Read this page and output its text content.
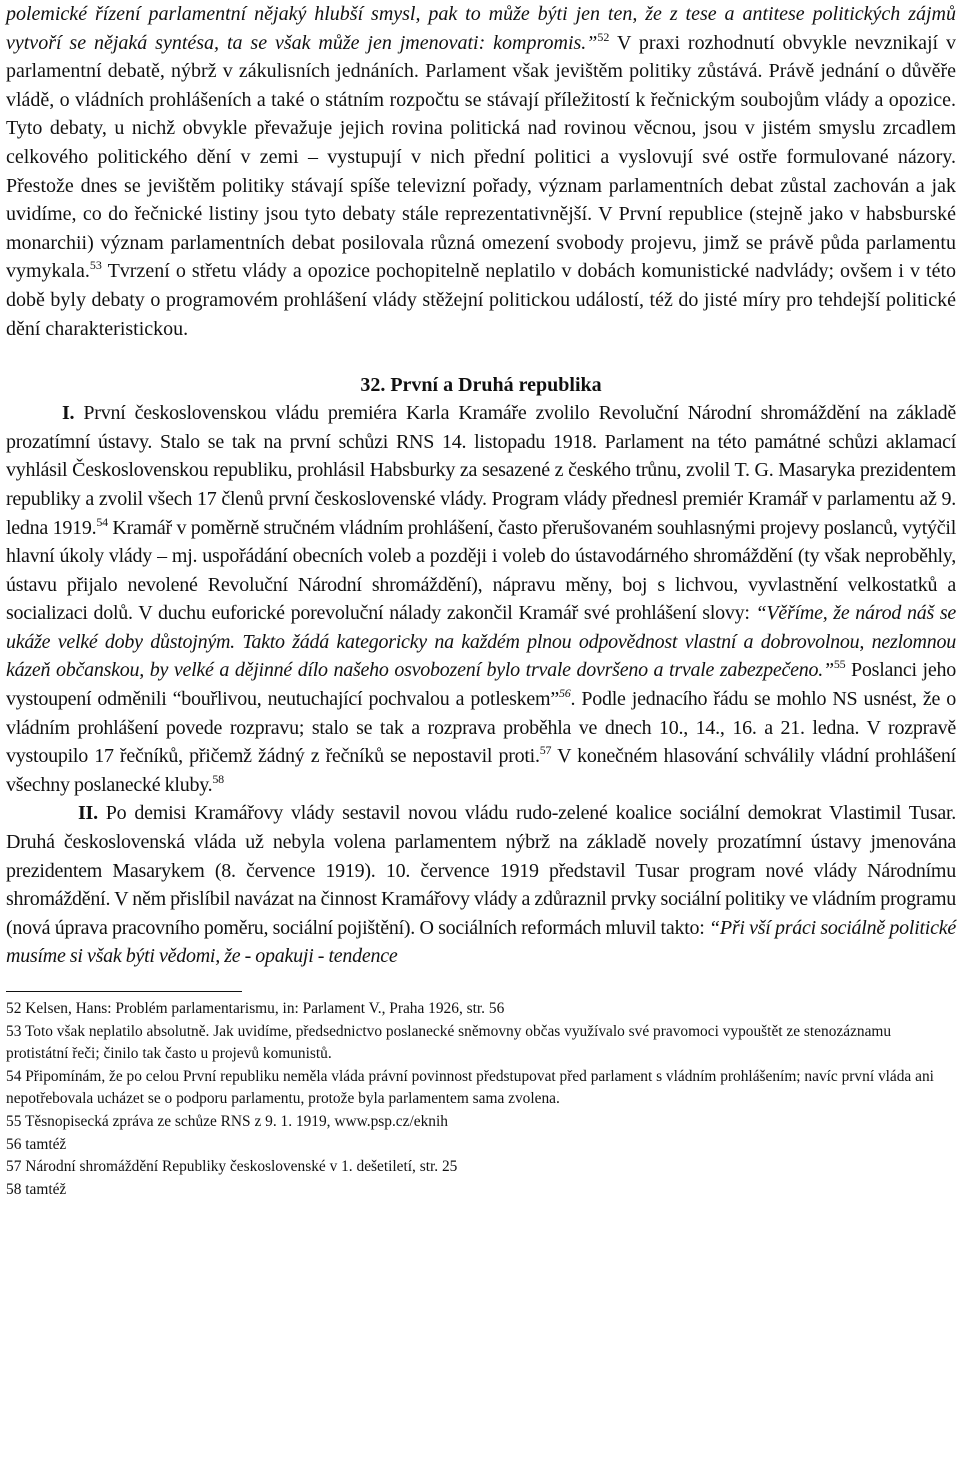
polemické řízení parlamentní nějaký hlubší smysl, pak to může býti jen ten, že z tese a antitese politických zájmů vytvoří se nějaká syntésa, ta se však může jen jmenovati: kompromis.”$^{52}$ V praxi rozhodnutí obvykle nevznikají v parlamentní debatě, nýbrž v zákulisních jednáních. Parlament však jevištěm politiky zůstává. Právě jednání o důvěře vládě, o vládních prohlášeních a také o státním rozpočtu se stávají příležitostí k řečnickým soubojům vlády a opozice. Tyto debaty, u nichž obvykle převažuje jejich rovina politická nad rovinou věcnou, jsou v jistém smyslu zrcadlem celkového politického dění v zemi – vystupují v nich přední politici a vyslovují své ostře formulované názory. Přestože dnes se jevištěm politiky stávají spíše televizní pořady, význam parlamentních debat zůstal zachován a jak uvidíme, co do řečnické listiny jsou tyto debaty stále reprezentativnější. V První republice (stejně jako v habsburské monarchii) význam parlamentních debat posilovala různá omezení svobody projevu, jimž se právě půda parlamentu vymykala.$^{53}$ Tvrzení o střetu vlády a opozice pochopitelně neplatilo v dobách komunistické nadvlády; ovšem i v této době byly debaty o programovém prohlášení vlády stěžejní politickou událostí, též do jisté míry pro tehdejší politické dění charakteristickou.

32. První a Druhá republika

I. První československou vládu premiéra Karla Kramáře zvolilo Revoluční Národní shromáždění na základě prozatímní ústavy. Stalo se tak na první schůzi RNS 14. listopadu 1918. Parlament na této památné schůzi aklamací vyhlásil Československou republiku, prohlásil Habsburky za sesazené z českého trůnu, zvolil T. G. Masaryka prezidentem republiky a zvolil všech 17 členů první československé vlády. Program vlády přednesl premiér Kramář v parlamentu až 9. ledna 1919.54 Kramář v poměrně stručném vládním prohlášení, často přerušovaném souhlasnými projevy poslanců, vytýčil hlavní úkoly vlády – mj. uspořádání obecních voleb a později i voleb do ústavodárného shromáždění (ty však neproběhly, ústavu přijalo nevolené Revoluční Národní shromáždění), nápravu měny, boj s lichvou, vyvlastnění velkostatků a socializaci dolů. V duchu euforické porevoluční nálady zakončil Kramář své prohlášení slovy: “Věříme, že národ náš se ukáže velké doby důstojným. Takto žádá kategoricky na každém plnou odpovědnost vlastní a dobrovolnou, nezlomnou kázeň občanskou, by velké a dějinné dílo našeho osvobození bylo trvale dovršeno a trvale zabezpečeno.”$^{55}$ Poslanci jeho vystoupení odměnili “bouřlivou, neutuchající pochvalou a potleskem”$^{56}$. Podle jednacího řádu se mohlo NS usnést, že o vládním prohlášení povede rozpravu; stalo se tak a rozprava proběhla ve dnech 10., 14., 16. a 21. ledna. V rozpravě vystoupilo 17 řečníků, přičemž žádný z řečníků se nepostavil proti.$^{57}$ V konečném hlasování schválily vládní prohlášení všechny poslanecké kluby.$^{58}$

II. Po demisi Kramářovy vlády sestavil novou vládu rudo-zelené koalice sociální demokrat Vlastimil Tusar. Druhá československá vláda už nebyla volena parlamentem nýbrž na základě novely prozatímní ústavy jmenována prezidentem Masarykem (8. července 1919). 10. července 1919 představil Tusar program nové vlády Národnímu shromáždění. V něm přislíbil navázat na činnost Kramářovy vlády a zdůraznil prvky sociální politiky ve vládním programu (nová úprava pracovního poměru, sociální pojištění). O sociálních reformách mluvil takto: “Při vší práci sociálně politické musíme si však býti vědomi, že - opakuji - tendence

52 Kelsen, Hans: Problém parlamentarismu, in: Parlament V., Praha 1926, str. 56

53 Toto však neplatilo absolutně. Jak uvidíme, předsednictvo poslanecké sněmovny občas využívalo své pravomoci vypouštět ze stenozáznamu protistátní řeči; činilo tak často u projevů komunistů.

54 Připomínám, že po celou První republiku neměla vláda právní povinnost předstupovat před parlament s vládním prohlášením; navíc první vláda ani nepotřebovala ucházet se o podporu parlamentu, protože byla parlamentem sama zvolena.

55 Těsnopisecká zpráva ze schůze RNS z 9. 1. 1919, www.psp.cz/eknih

56 tamtéž

57 Národní shromáždění Republiky československé v 1. dešetiletí, str. 25

58 tamtéž
